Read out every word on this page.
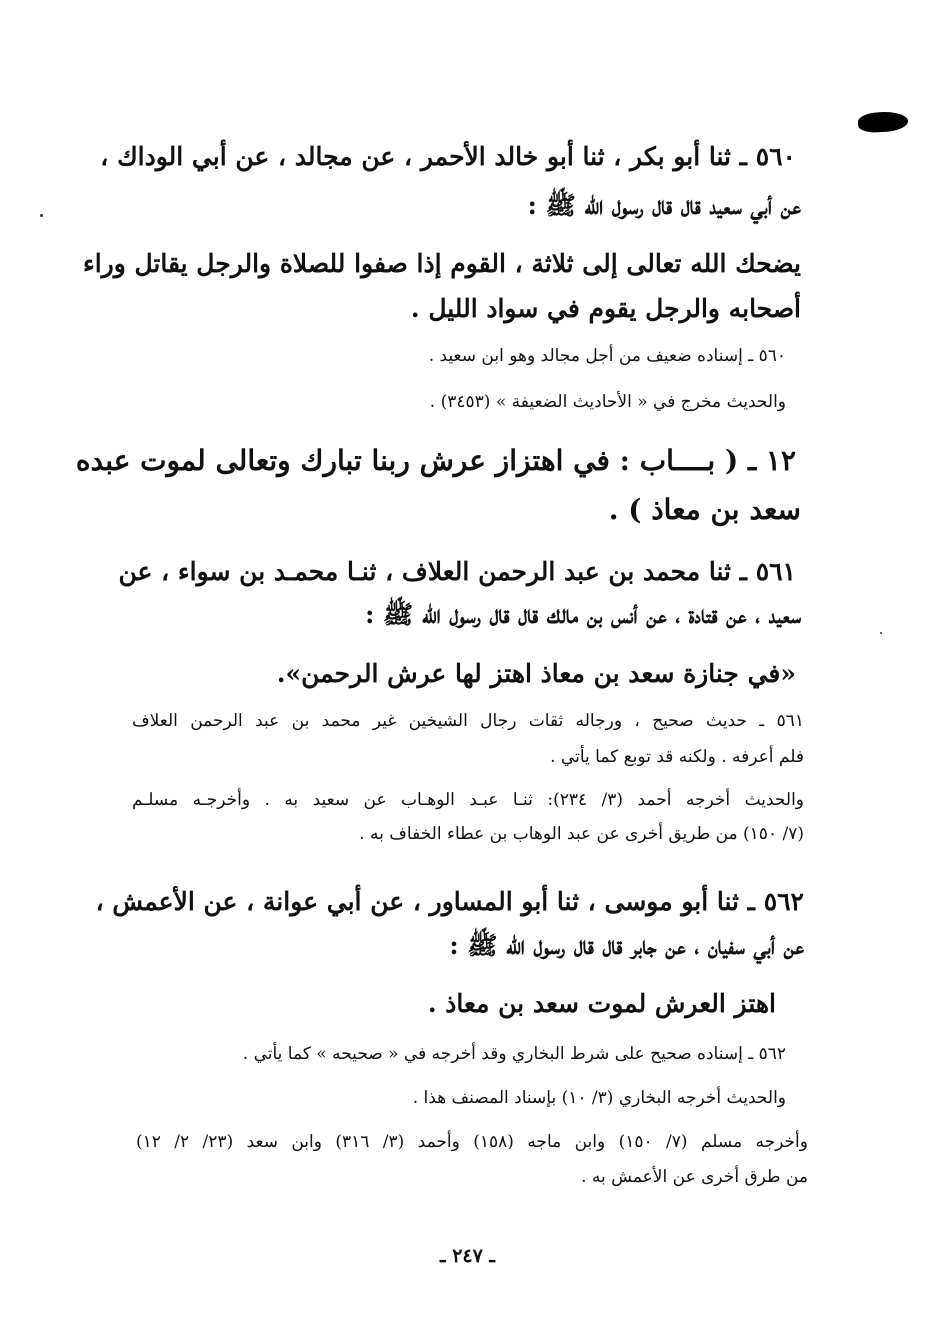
٥٦٠ ـ ثنا أبو بكر ، ثنا أبو خالد الأحمر ، عن مجالد ، عن أبي الوداك ،
عن أبي سعيد قال قال رسول الله ﷺ :
يضحك الله تعالى إلى ثلاثة ، القوم إذا صفوا للصلاة والرجل يقاتل وراء
أصحابه والرجل يقوم في سواد الليل .
٥٦٠ ـ إسناده ضعيف من أجل مجالد وهو ابن سعيد .
والحديث مخرج في « الأحاديث الضعيفة » (٣٤٥٣) .
١٢ ـ ( بــــاب : في اهتزاز عرش ربنا تبارك وتعالى لموت عبده
سعد بن معاذ ) .
٥٦١ ـ ثنا محمد بن عبد الرحمن العلاف ، ثنـا محمـد بن سواء ، عن
سعيد ، عن قتادة ، عن أنس بن مالك قال قال رسول الله ﷺ :
«في جنازة سعد بن معاذ اهتز لها عرش الرحمن».
٥٦١ ـ حديث صحيح ، ورجاله ثقات رجال الشيخين غير محمد بن عبد الرحمن العلاف
فلم أعرفه . ولكنه قد توبع كما يأتي .
والحديث أخرجه أحمد (٣/ ٢٣٤): ثنـا عبـد الوهـاب عن سعيد به . وأخرجـه مسلـم
(٧/ ١٥٠) من طريق أخرى عن عبد الوهاب بن عطاء الخفاف به .
٥٦٢ ـ ثنا أبو موسى ، ثنا أبو المساور ، عن أبي عوانة ، عن الأعمش ،
عن أبي سفيان ، عن جابر قال قال رسول الله ﷺ :
اهتز العرش لموت سعد بن معاذ .
٥٦٢ ـ إسناده صحيح على شرط البخاري وقد أخرجه في « صحيحه » كما يأتي .
والحديث أخرجه البخاري (٣/ ١٠) بإسناد المصنف هذا .
وأخرجه مسلم (٧/ ١٥٠) وابن ماجه (١٥٨) وأحمد (٣/ ٣١٦) وابن سعد (٢٣/ ٢/ ١٢)
من طرق أخرى عن الأعمش به .
ـ ٢٤٧ ـ
